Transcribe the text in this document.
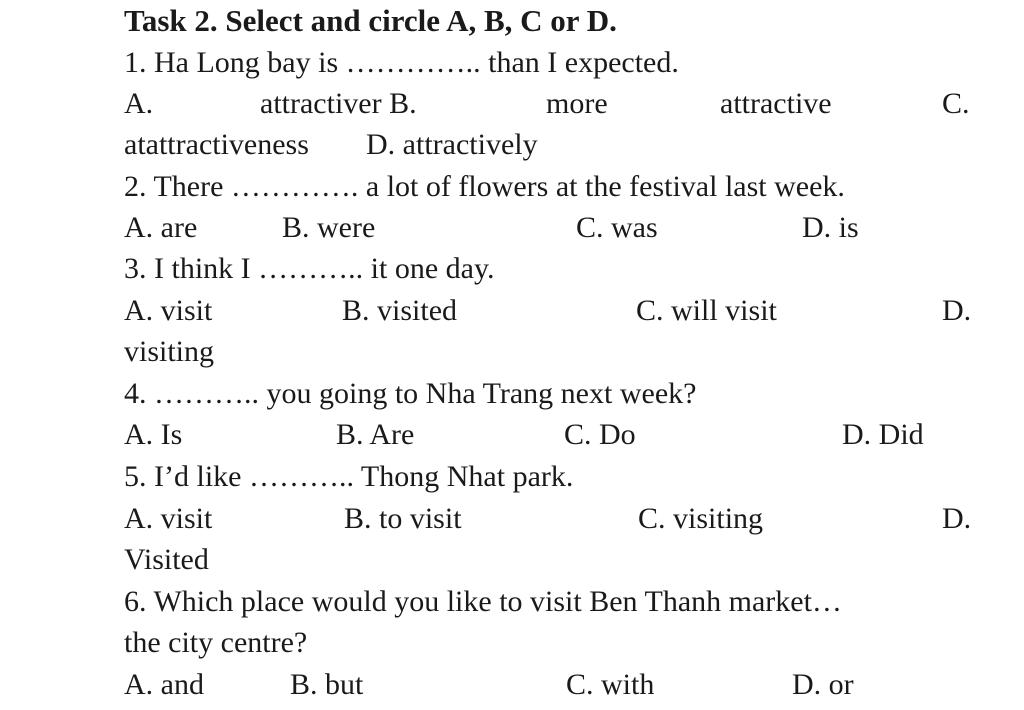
Task 2. Select and circle A, B, C or D.
1. Ha Long bay is ………….. than I expected.
A.	attractiver B.	more	attractive	C.
atattractiveness D. attractively
2. There …………. a lot of flowers at the festival last week.
A. are	B. were	C. was	D. is
3. I think I ……….. it one day.
A. visit	B. visited	C. will visit	D.
visiting
4. ……….. you going to Nha Trang next week?
A. Is	B. Are	C. Do	D. Did
5. I’d like ……….. Thong Nhat park.
A. visit	B. to visit	C. visiting	D.
Visited
6. Which place would you like to visit Ben Thanh market…
the city centre?
A. and	B. but	C. with	D. or
